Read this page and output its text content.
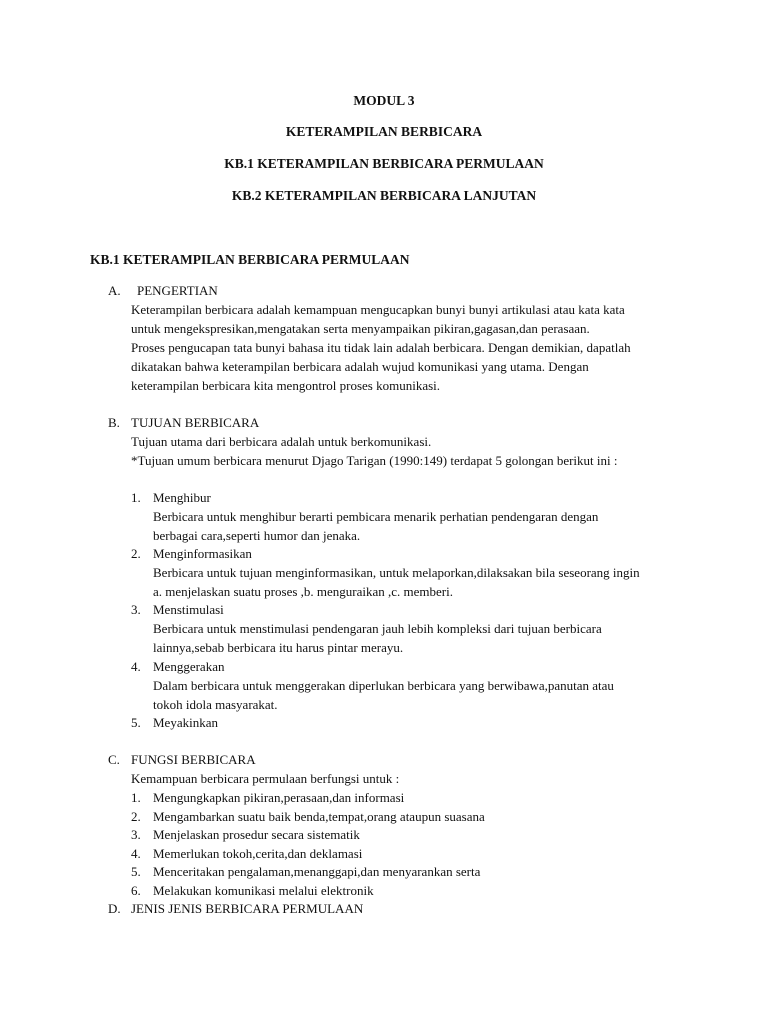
MODUL 3
KETERAMPILAN BERBICARA
KB.1 KETERAMPILAN BERBICARA PERMULAAN
KB.2 KETERAMPILAN BERBICARA LANJUTAN
KB.1 KETERAMPILAN BERBICARA PERMULAAN
A. PENGERTIAN
Keterampilan berbicara adalah kemampuan mengucapkan bunyi bunyi artikulasi atau kata kata
untuk mengekspresikan,mengatakan serta menyampaikan pikiran,gagasan,dan perasaan.
Proses pengucapan tata bunyi bahasa itu tidak lain adalah berbicara. Dengan demikian, dapatlah
dikatakan bahwa keterampilan berbicara adalah wujud komunikasi yang utama. Dengan
keterampilan berbicara kita mengontrol proses komunikasi.
B. TUJUAN BERBICARA
Tujuan utama dari berbicara adalah untuk berkomunikasi.
*Tujuan umum berbicara menurut Djago Tarigan (1990:149) terdapat 5 golongan berikut ini :
1. Menghibur
Berbicara untuk menghibur berarti pembicara menarik perhatian pendengaran dengan
berbagai cara,seperti humor dan jenaka.
2. Menginformasikan
Berbicara untuk tujuan menginformasikan, untuk melaporkan,dilaksakan bila seseorang ingin
a. menjelaskan suatu proses ,b. menguraikan ,c. memberi.
3. Menstimulasi
Berbicara untuk menstimulasi pendengaran jauh lebih kompleksi dari tujuan berbicara
lainnya,sebab berbicara itu harus pintar merayu.
4. Menggerakan
Dalam berbicara untuk menggerakan diperlukan berbicara yang berwibawa,panutan atau
tokoh idola masyarakat.
5. Meyakinkan
C. FUNGSI BERBICARA
Kemampuan berbicara permulaan berfungsi untuk :
1. Mengungkapkan pikiran,perasaan,dan informasi
2. Mengambarkan suatu baik benda,tempat,orang ataupun suasana
3. Menjelaskan prosedur secara sistematik
4. Memerlukan tokoh,cerita,dan deklamasi
5. Menceritakan pengalaman,menanggapi,dan menyarankan serta
6. Melakukan komunikasi melalui elektronik
D. JENIS JENIS BERBICARA PERMULAAN
